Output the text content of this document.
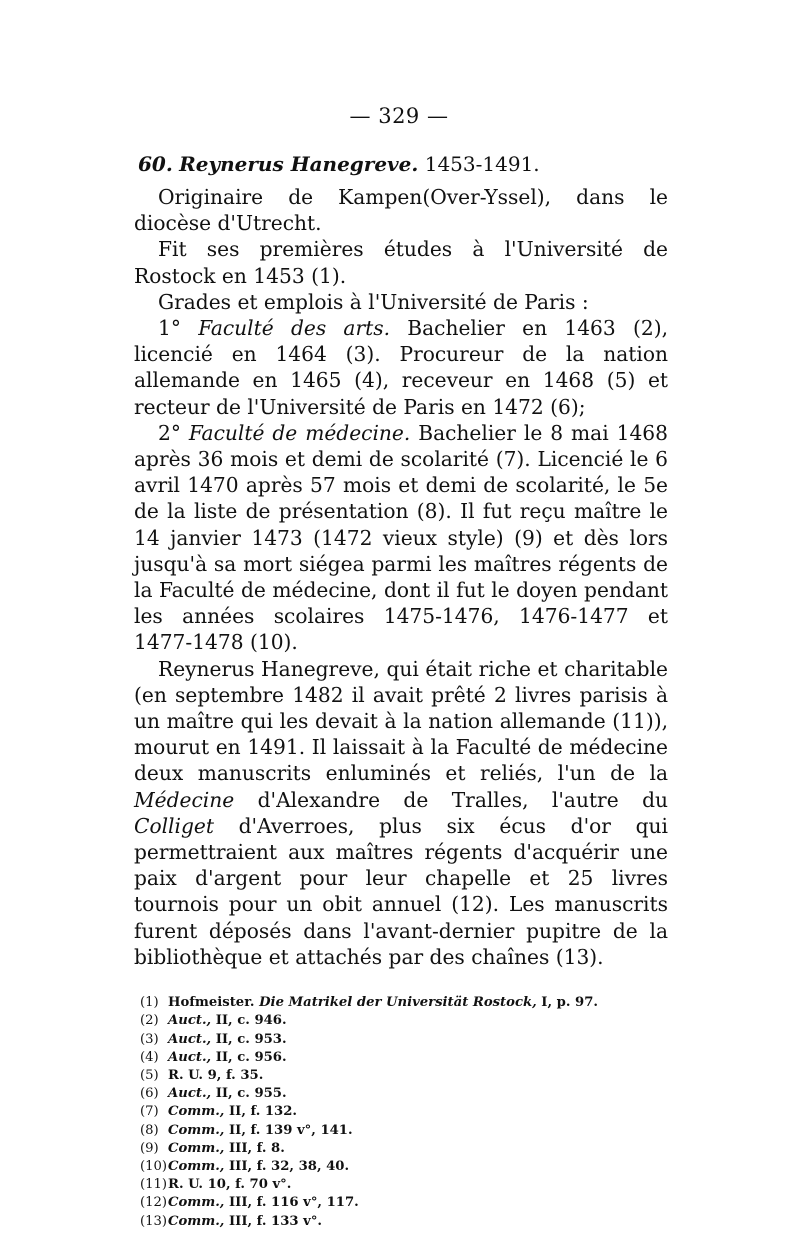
— 329 —
60. Reynerus Hanegreve. 1453-1491.

Originaire de Kampen(Over-Yssel), dans le diocèse d'Utrecht.

Fit ses premières études à l'Université de Rostock en 1453 (1).

Grades et emplois à l'Université de Paris :

1° Faculté des arts. Bachelier en 1463 (2), licencié en 1464 (3). Procureur de la nation allemande en 1465 (4), receveur en 1468 (5) et recteur de l'Université de Paris en 1472 (6);

2° Faculté de médecine. Bachelier le 8 mai 1468 après 36 mois et demi de scolarité (7). Licencié le 6 avril 1470 après 57 mois et demi de scolarité, le 5e de la liste de présentation (8). Il fut reçu maître le 14 janvier 1473 (1472 vieux style) (9) et dès lors jusqu'à sa mort siégea parmi les maîtres régents de la Faculté de médecine, dont il fut le doyen pendant les années scolaires 1475-1476, 1476-1477 et 1477-1478 (10).

Reynerus Hanegreve, qui était riche et charitable (en septembre 1482 il avait prêté 2 livres parisis à un maître qui les devait à la nation allemande (11)), mourut en 1491. Il laissait à la Faculté de médecine deux manuscrits enluminés et reliés, l'un de la Médecine d'Alexandre de Tralles, l'autre du Colliget d'Averroes, plus six écus d'or qui permettraient aux maîtres régents d'acquérir une paix d'argent pour leur chapelle et 25 livres tournois pour un obit annuel (12). Les manuscrits furent déposés dans l'avant-dernier pupitre de la bibliothèque et attachés par des chaînes (13).

(1) Hofmeister. Die Matrikel der Universität Rostock, I, p. 97.
(2) Auct., II, c. 946.
(3) Auct., II, c. 953.
(4) Auct., II, c. 956.
(5) R. U. 9, f. 35.
(6) Auct., II, c. 955.
(7) Comm., II, f. 132.
(8) Comm., II, f. 139 v°, 141.
(9) Comm., III, f. 8.
(10)Comm., III, f. 32, 38, 40.
(11)R. U. 10, f. 70 v°.
(12)Comm., III, f. 116 v°, 117.
(13)Comm., III, f. 133 v°.
